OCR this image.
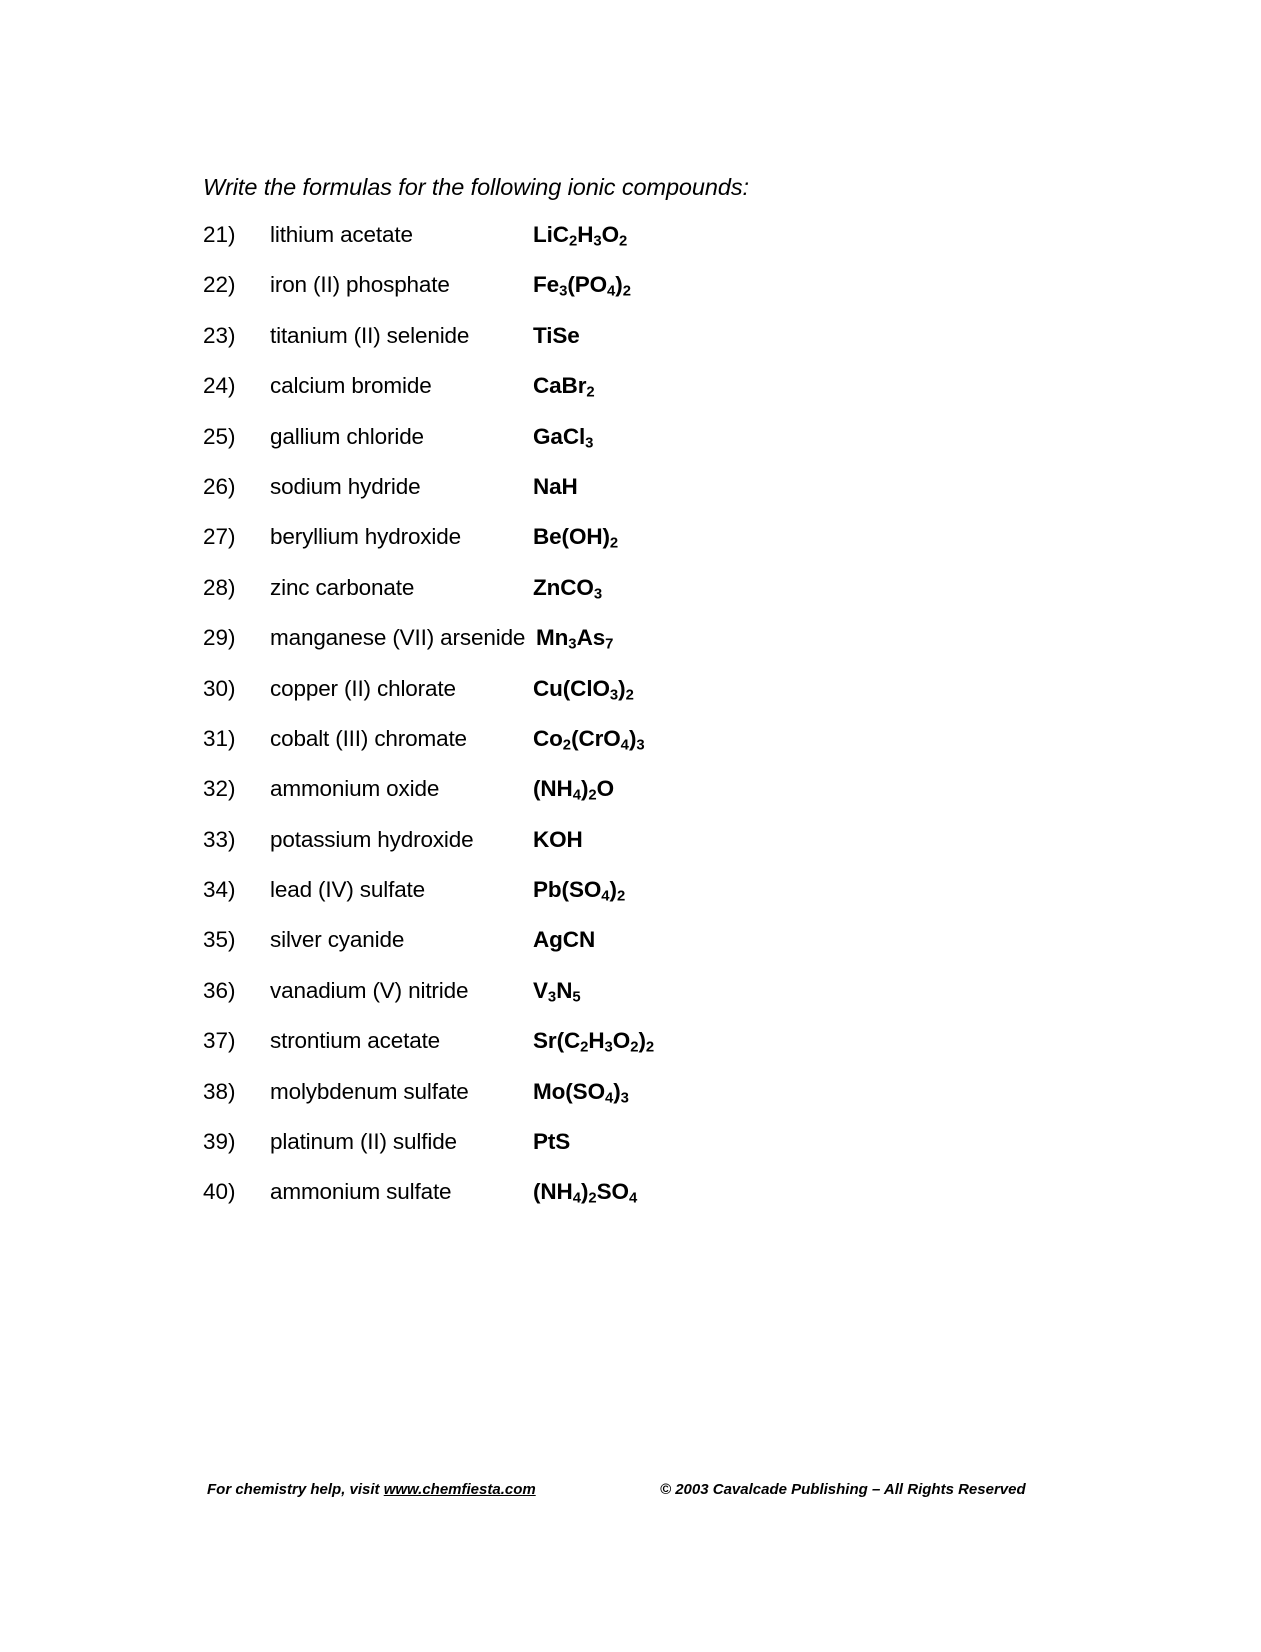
Write the formulas for the following ionic compounds:
21) lithium acetate	$LiC_2H_3O_2$
22) iron (II) phosphate	$Fe_3(PO_4)_2$
23) titanium (II) selenide	TiSe
24) calcium bromide	CaBr$_2$
25) gallium chloride	GaCl$_3$
26) sodium hydride	NaH
27) beryllium hydroxide	$Be(OH)_2$
28) zinc carbonate	ZnCO$_3$
29) manganese (VII) arsenide $Mn_3As_7$
30) copper (II) chlorate	$Cu(ClO_3)_2$
31) cobalt (III) chromate	$Co_2(CrO_4)_3$
32) ammonium oxide	$(NH_4)_2O$
33) potassium hydroxide	KOH
34) lead (IV) sulfate	$Pb(SO_4)_2$
35) silver cyanide	AgCN
36) vanadium (V) nitride	$V_3N_5$
37) strontium acetate	$Sr(C_2H_3O_2)_2$
38) molybdenum sulfate	$Mo(SO_4)_3$
39) platinum (II) sulfide	PtS
40) ammonium sulfate	$(NH_4)_2SO_4$
For chemistry help, visit www.chemfiesta.com	© 2003 Cavalcade Publishing – All Rights Reserved
